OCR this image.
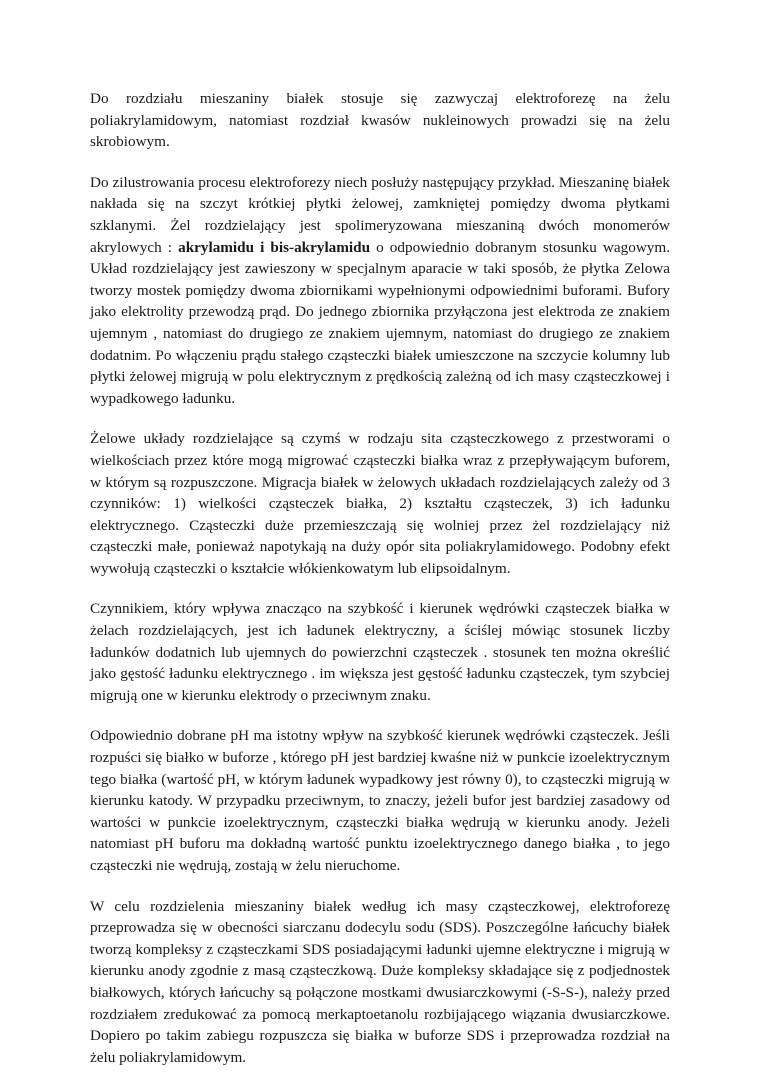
Do rozdziału mieszaniny białek stosuje się zazwyczaj elektroforezę na żelu poliakrylamidowym, natomiast rozdział kwasów nukleinowych prowadzi się na żelu skrobiowym.

Do zilustrowania procesu elektroforezy niech posłuży następujący przykład. Mieszaninę białek nakłada się na szczyt krótkiej płytki żelowej, zamkniętej pomiędzy dwoma płytkami szklanymi. Żel rozdzielający jest spolimeryzowana mieszaniną dwóch monomerów akrylowych : akrylamidu i bis-akrylamidu o odpowiednio dobranym stosunku wagowym. Układ rozdzielający jest zawieszony w specjalnym aparacie w taki sposób, że płytka Zelowa tworzy mostek pomiędzy dwoma zbiornikami wypełnionymi odpowiednimi buforami. Bufory jako elektrolity przewodzą prąd. Do jednego zbiornika przyłączona jest elektroda ze znakiem ujemnym , natomiast do drugiego ze znakiem ujemnym, natomiast do drugiego ze znakiem dodatnim. Po włączeniu prądu stałego cząsteczki białek umieszczone na szczycie kolumny lub płytki żelowej migrują w polu elektrycznym z prędkością zależną od ich masy cząsteczkowej i wypadkowego ładunku.

Żelowe układy rozdzielające są czymś w rodzaju sita cząsteczkowego z przestworami o wielkościach przez które mogą migrować cząsteczki białka wraz z przepływającym buforem, w którym są rozpuszczone. Migracja białek w żelowych układach rozdzielających zależy od 3 czynników: 1) wielkości cząsteczek białka, 2) kształtu cząsteczek, 3) ich ładunku elektrycznego. Cząsteczki duże przemieszczają się wolniej przez żel rozdzielający niż cząsteczki małe, ponieważ napotykają na duży opór sita poliakrylamidowego. Podobny efekt wywołują cząsteczki o kształcie włókienkowatym lub elipsoidalnym.

Czynnikiem, który wpływa znacząco na szybkość i kierunek wędrówki cząsteczek białka w żelach rozdzielających, jest ich ładunek elektryczny, a ściślej mówiąc stosunek liczby ładunków dodatnich lub ujemnych do powierzchni cząsteczek . stosunek ten można określić jako gęstość ładunku elektrycznego . im większa jest gęstość ładunku cząsteczek, tym szybciej migrują one w kierunku elektrody o przeciwnym znaku.

Odpowiednio dobrane pH ma istotny wpływ na szybkość kierunek wędrówki cząsteczek. Jeśli rozpuści się białko w buforze , którego pH jest bardziej kwaśne niż w punkcie izoelektrycznym tego białka (wartość pH, w którym ładunek wypadkowy jest równy 0), to cząsteczki migrują w kierunku katody. W przypadku przeciwnym, to znaczy, jeżeli bufor jest bardziej zasadowy od wartości w punkcie izoelektrycznym, cząsteczki białka wędrują w kierunku anody. Jeżeli natomiast pH buforu ma dokładną wartość punktu izoelektrycznego danego białka , to jego cząsteczki nie wędrują, zostają w żelu nieruchome.

W celu rozdzielenia mieszaniny białek według ich masy cząsteczkowej, elektroforezę przeprowadza się w obecności siarczanu dodecylu sodu (SDS). Poszczególne łańcuchy białek tworzą kompleksy z cząsteczkami SDS posiadającymi ładunki ujemne elektryczne i migrują w kierunku anody zgodnie z masą cząsteczkową. Duże kompleksy składające się z podjednostek białkowych, których łańcuchy są połączone mostkami dwusiarczkowymi (-S-S-), należy przed rozdziałem zredukować za pomocą merkaptoetanolu rozbijającego wiązania dwusiarczkowe. Dopiero po takim zabiegu rozpuszcza się białka w buforze SDS i przeprowadza rozdział na żelu poliakrylamidowym.
